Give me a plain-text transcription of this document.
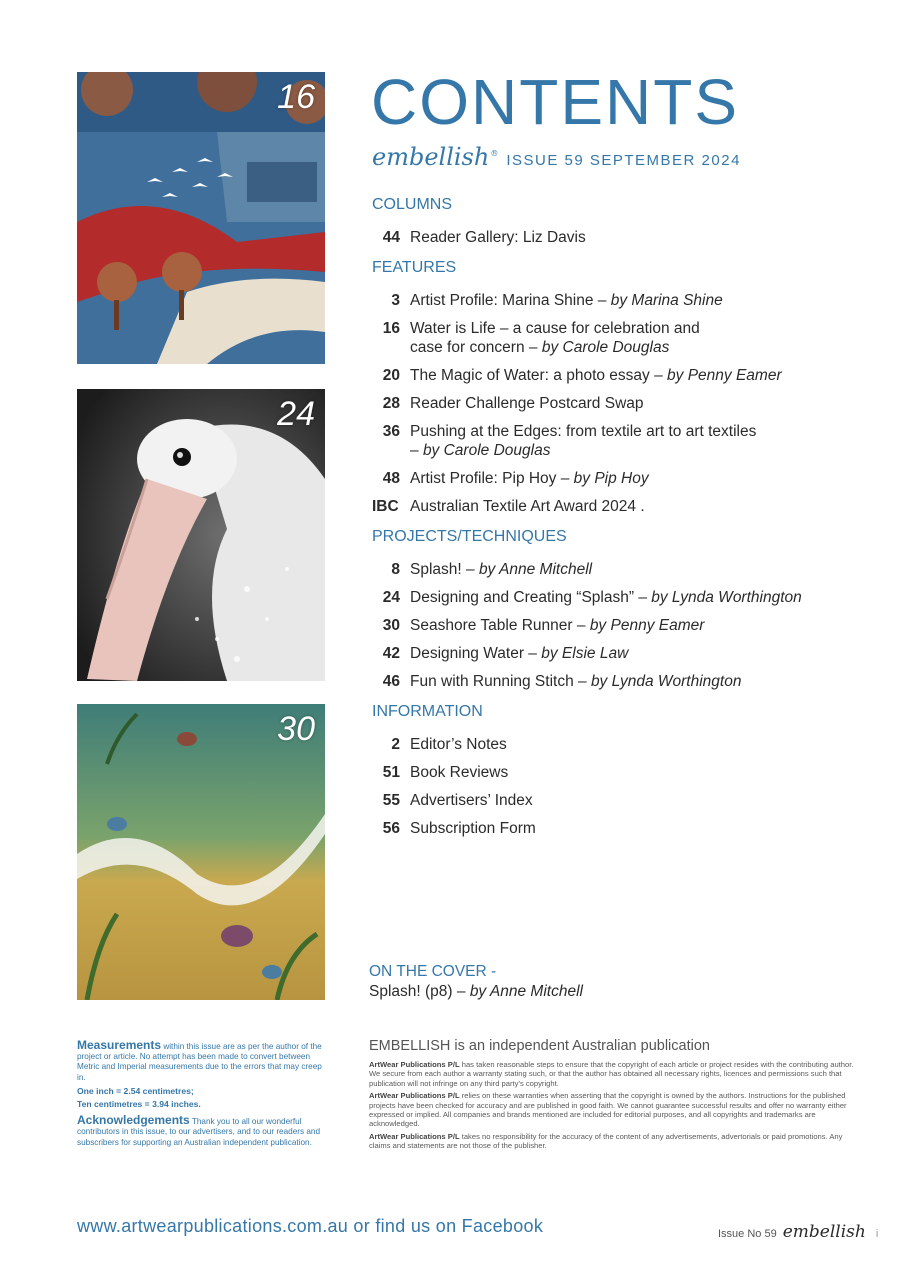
16
24
30
CONTENTS
embellish® ISSUE 59 SEPTEMBER 2024
COLUMNS
44 Reader Gallery: Liz Davis
FEATURES
3 Artist Profile: Marina Shine – by Marina Shine
16 Water is Life – a cause for celebration and
case for concern – by Carole Douglas
20 The Magic of Water: a photo essay – by Penny Eamer
28 Reader Challenge Postcard Swap
36 Pushing at the Edges: from textile art to art textiles
– by Carole Douglas
48 Artist Profile: Pip Hoy – by Pip Hoy
IBC Australian Textile Art Award 2024 .
PROJECTS/TECHNIQUES
8 Splash! – by Anne Mitchell
24 Designing and Creating “Splash” – by Lynda Worthington
30 Seashore Table Runner – by Penny Eamer
42 Designing Water – by Elsie Law
46 Fun with Running Stitch – by Lynda Worthington
INFORMATION
2 Editor’s Notes
51 Book Reviews
55 Advertisers’ Index
56 Subscription Form
ON THE COVER -
Splash! (p8) – by Anne Mitchell
EMBELLISH is an independent Australian publication

ArtWear Publications P/L has taken reasonable steps to ensure that the copyright of each article or project resides with the contributing author. We secure from each author a warranty stating such, or that the author has obtained all necessary rights, licences and permissions such that publication will not infringe on any third party’s copyright.

ArtWear Publications P/L relies on these warranties when asserting that the copyright is owned by the authors. Instructions for the published projects have been checked for accuracy and are published in good faith. We cannot guarantee successful results and offer no warranty either expressed or implied. All companies and brands mentioned are included for editorial purposes, and all copyrights and trademarks are acknowledged.

ArtWear Publications P/L takes no responsibility for the accuracy of the content of any advertisements, advertorials or paid promotions. Any claims and statements are not those of the publisher.

Measurements within this issue are as per the author of the project or article. No attempt has been made to convert between Metric and Imperial measurements due to the errors that may creep in.

One inch = 2.54 centimetres;
Ten centimetres = 3.94 inches.

Acknowledgements Thank you to all our wonderful contributors in this issue, to our advertisers, and to our readers and subscribers for supporting an Australian independent publication.

www.artwearpublications.com.au or find us on Facebook	Issue No 59 embellish i
